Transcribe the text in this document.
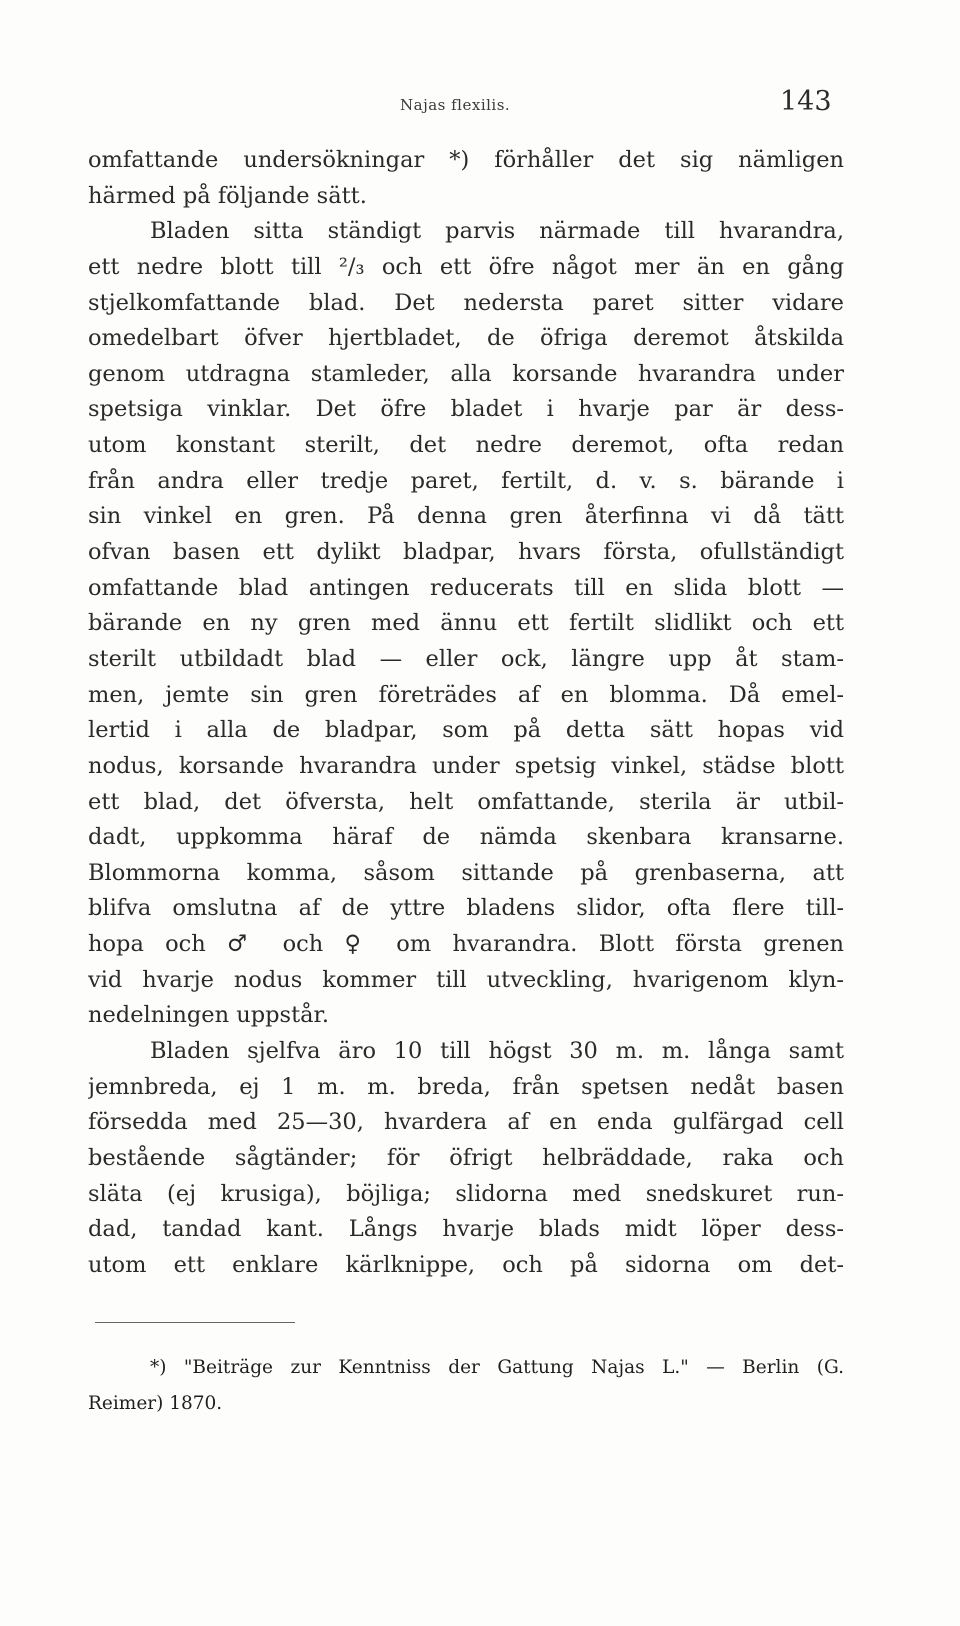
Najas flexilis.	143
omfattande undersökningar *) förhåller det sig nämligen
härmed på följande sätt.
Bladen sitta ständigt parvis närmade till hvarandra,
ett nedre blott till ²/₃ och ett öfre något mer än en gång
stjelkomfattande blad. Det nedersta paret sitter vidare
omedelbart öfver hjertbladet, de öfriga deremot åtskilda
genom utdragna stamleder, alla korsande hvarandra under
spetsiga vinklar. Det öfre bladet i hvarje par är dess-
utom konstant sterilt, det nedre deremot, ofta redan
från andra eller tredje paret, fertilt, d. v. s. bärande i
sin vinkel en gren. På denna gren återfinna vi då tätt
ofvan basen ett dylikt bladpar, hvars första, ofullständigt
omfattande blad antingen reducerats till en slida blott —
bärande en ny gren med ännu ett fertilt slidlikt och ett
sterilt utbildadt blad — eller ock, längre upp åt stam-
men, jemte sin gren företrädes af en blomma. Då emel-
lertid i alla de bladpar, som på detta sätt hopas vid
nodus, korsande hvarandra under spetsig vinkel, städse blott
ett blad, det öfversta, helt omfattande, sterila är utbil-
dadt, uppkomma häraf de nämda skenbara kransarne.
Blommorna komma, såsom sittande på grenbaserna, att
blifva omslutna af de yttre bladens slidor, ofta flere till-
hopa och ♂ och ♀ om hvarandra. Blott första grenen
vid hvarje nodus kommer till utveckling, hvarigenom klyn-
nedelningen uppstår.
Bladen sjelfva äro 10 till högst 30 m. m. långa samt
jemnbreda, ej 1 m. m. breda, från spetsen nedåt basen
försedda med 25—30, hvardera af en enda gulfärgad cell
bestående sågtänder; för öfrigt helbräddade, raka och
släta (ej krusiga), böjliga; slidorna med snedskuret run-
dad, tandad kant. Långs hvarje blads midt löper dess-
utom ett enklare kärlknippe, och på sidorna om det-
*) "Beiträge zur Kenntniss der Gattung Najas L." — Berlin (G.
Reimer) 1870.
